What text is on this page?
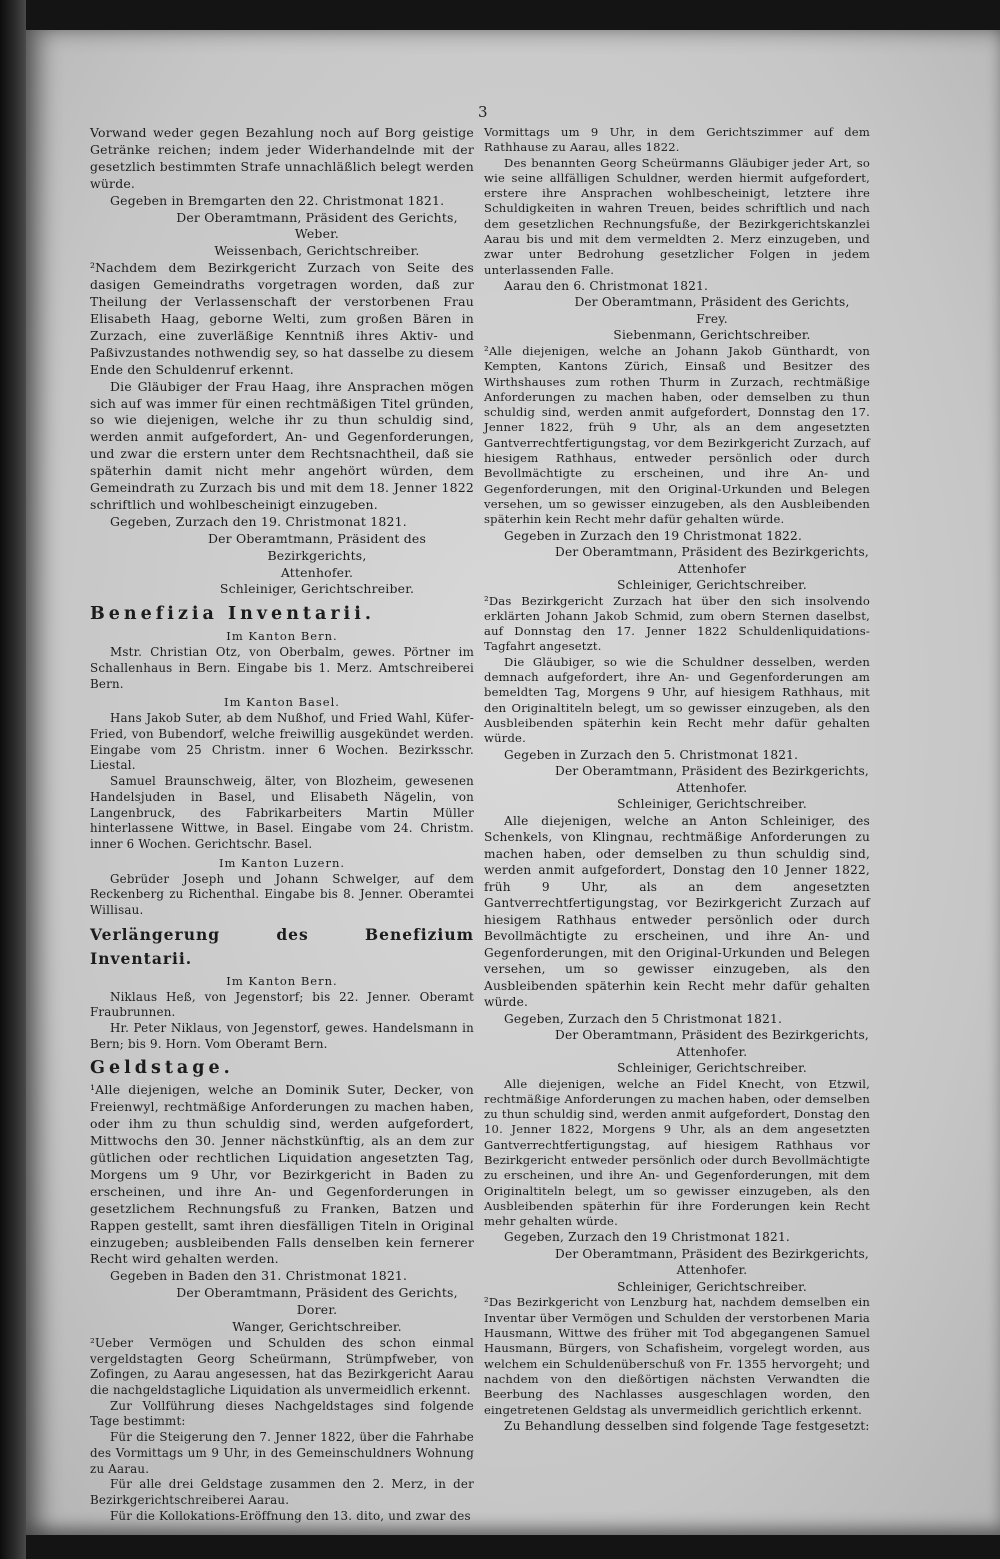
3

Vorwand weder gegen Bezahlung noch auf Borg geistige Getränke reichen; indem jeder Widerhandelnde mit der gesetzlich bestimmten Strafe unnachläßlich belegt werden würde.

Gegeben in Bremgarten den 22. Christmonat 1821.

Der Oberamtmann, Präsident des Gerichts,

Weber.

Weissenbach, Gerichtschreiber.

²Nachdem dem Bezirkgericht Zurzach von Seite des dasigen Gemeindraths vorgetragen worden, daß zur Theilung der Verlassenschaft der verstorbenen Frau Elisabeth Haag, geborne Welti, zum großen Bären in Zurzach, eine zuverläßige Kenntniß ihres Aktiv- und Paßivzustandes nothwendig sey, so hat dasselbe zu diesem Ende den Schuldenruf erkennt.

Die Gläubiger der Frau Haag, ihre Ansprachen mögen sich auf was immer für einen rechtmäßigen Titel gründen, so wie diejenigen, welche ihr zu thun schuldig sind, werden anmit aufgefordert, An- und Gegenforderungen, und zwar die erstern unter dem Rechtsnachtheil, daß sie späterhin damit nicht mehr angehört würden, dem Gemeindrath zu Zurzach bis und mit dem 18. Jenner 1822 schriftlich und wohlbescheinigt einzugeben.

Gegeben, Zurzach den 19. Christmonat 1821.

Der Oberamtmann, Präsident des Bezirkgerichts,

Attenhofer.

Schleiniger, Gerichtschreiber.

Benefizia Inventarii.

Im Kanton Bern.

Mstr. Christian Otz, von Oberbalm, gewes. Pörtner im Schallenhaus in Bern. Eingabe bis 1. Merz. Amtschreiberei Bern.

Im Kanton Basel.

Hans Jakob Suter, ab dem Nußhof, und Fried Wahl, Küfer-Fried, von Bubendorf, welche freiwillig ausgekündet werden. Eingabe vom 25 Christm. inner 6 Wochen. Bezirksschr. Liestal.

Samuel Braunschweig, älter, von Blozheim, gewesenen Handelsjuden in Basel, und Elisabeth Nägelin, von Langenbruck, des Fabrikarbeiters Martin Müller hinterlassene Wittwe, in Basel. Eingabe vom 24. Christm. inner 6 Wochen. Gerichtschr. Basel.

Im Kanton Luzern.

Gebrüder Joseph und Johann Schwelger, auf dem Reckenberg zu Richenthal. Eingabe bis 8. Jenner. Oberamtei Willisau.

Verlängerung des Benefizium Inventarii.

Im Kanton Bern.

Niklaus Heß, von Jegenstorf; bis 22. Jenner. Oberamt Fraubrunnen.

Hr. Peter Niklaus, von Jegenstorf, gewes. Handelsmann in Bern; bis 9. Horn. Vom Oberamt Bern.

Geldstage.

¹Alle diejenigen, welche an Dominik Suter, Decker, von Freienwyl, rechtmäßige Anforderungen zu machen haben, oder ihm zu thun schuldig sind, werden aufgefordert, Mittwochs den 30. Jenner nächstkünftig, als an dem zur gütlichen oder rechtlichen Liquidation angesetzten Tag, Morgens um 9 Uhr, vor Bezirkgericht in Baden zu erscheinen, und ihre An- und Gegenforderungen in gesetzlichem Rechnungsfuß zu Franken, Batzen und Rappen gestellt, samt ihren diesfälligen Titeln in Original einzugeben; ausbleibenden Falls denselben kein fernerer Recht wird gehalten werden.

Gegeben in Baden den 31. Christmonat 1821.

Der Oberamtmann, Präsident des Gerichts,

Dorer.

Wanger, Gerichtschreiber.

²Ueber Vermögen und Schulden des schon einmal vergeldstagten Georg Scheürmann, Strümpfweber, von Zofingen, zu Aarau angesessen, hat das Bezirkgericht Aarau die nachgeldstagliche Liquidation als unvermeidlich erkennt.

Zur Vollführung dieses Nachgeldstages sind folgende Tage bestimmt:

Für die Steigerung den 7. Jenner 1822, über die Fahrhabe des Vormittags um 9 Uhr, in des Gemeinschuldners Wohnung zu Aarau.

Für alle drei Geldstage zusammen den 2. Merz, in der Bezirkgerichtschreiberei Aarau.

Für die Kollokations-Eröffnung den 13. dito, und zwar des

Vormittags um 9 Uhr, in dem Gerichtszimmer auf dem Rathhause zu Aarau, alles 1822.

Des benannten Georg Scheürmanns Gläubiger jeder Art, so wie seine allfälligen Schuldner, werden hiermit aufgefordert, erstere ihre Ansprachen wohlbescheinigt, letztere ihre Schuldigkeiten in wahren Treuen, beides schriftlich und nach dem gesetzlichen Rechnungsfuße, der Bezirkgerichtskanzlei Aarau bis und mit dem vermeldten 2. Merz einzugeben, und zwar unter Bedrohung gesetzlicher Folgen in jedem unterlassenden Falle.

Aarau den 6. Christmonat 1821.

Der Oberamtmann, Präsident des Gerichts,

Frey.

Siebenmann, Gerichtschreiber.

²Alle diejenigen, welche an Johann Jakob Günthardt, von Kempten, Kantons Zürich, Einsaß und Besitzer des Wirthshauses zum rothen Thurm in Zurzach, rechtmäßige Anforderungen zu machen haben, oder demselben zu thun schuldig sind, werden anmit aufgefordert, Donnstag den 17. Jenner 1822, früh 9 Uhr, als an dem angesetzten Gantverrechtfertigungstag, vor dem Bezirkgericht Zurzach, auf hiesigem Rathhaus, entweder persönlich oder durch Bevollmächtigte zu erscheinen, und ihre An- und Gegenforderungen, mit den Original-Urkunden und Belegen versehen, um so gewisser einzugeben, als den Ausbleibenden späterhin kein Recht mehr dafür gehalten würde.

Gegeben in Zurzach den 19 Christmonat 1822.

Der Oberamtmann, Präsident des Bezirkgerichts,

Attenhofer

Schleiniger, Gerichtschreiber.

²Das Bezirkgericht Zurzach hat über den sich insolvendo erklärten Johann Jakob Schmid, zum obern Sternen daselbst, auf Donnstag den 17. Jenner 1822 Schuldenliquidations-Tagfahrt angesetzt.

Die Gläubiger, so wie die Schuldner desselben, werden demnach aufgefordert, ihre An- und Gegenforderungen am bemeldten Tag, Morgens 9 Uhr, auf hiesigem Rathhaus, mit den Originaltiteln belegt, um so gewisser einzugeben, als den Ausbleibenden späterhin kein Recht mehr dafür gehalten würde.

Gegeben in Zurzach den 5. Christmonat 1821.

Der Oberamtmann, Präsident des Bezirkgerichts,

Attenhofer.

Schleiniger, Gerichtschreiber.

Alle diejenigen, welche an Anton Schleiniger, des Schenkels, von Klingnau, rechtmäßige Anforderungen zu machen haben, oder demselben zu thun schuldig sind, werden anmit aufgefordert, Donstag den 10 Jenner 1822, früh 9 Uhr, als an dem angesetzten Gantverrechtfertigungstag, vor Bezirkgericht Zurzach auf hiesigem Rathhaus entweder persönlich oder durch Bevollmächtigte zu erscheinen, und ihre An- und Gegenforderungen, mit den Original-Urkunden und Belegen versehen, um so gewisser einzugeben, als den Ausbleibenden späterhin kein Recht mehr dafür gehalten würde.

Gegeben, Zurzach den 5 Christmonat 1821.

Der Oberamtmann, Präsident des Bezirkgerichts,

Attenhofer.

Schleiniger, Gerichtschreiber.

Alle diejenigen, welche an Fidel Knecht, von Etzwil, rechtmäßige Anforderungen zu machen haben, oder demselben zu thun schuldig sind, werden anmit aufgefordert, Donstag den 10. Jenner 1822, Morgens 9 Uhr, als an dem angesetzten Gantverrechtfertigungstag, auf hiesigem Rathhaus vor Bezirkgericht entweder persönlich oder durch Bevollmächtigte zu erscheinen, und ihre An- und Gegenforderungen, mit dem Originaltiteln belegt, um so gewisser einzugeben, als den Ausbleibenden späterhin für ihre Forderungen kein Recht mehr gehalten würde.

Gegeben, Zurzach den 19 Christmonat 1821.

Der Oberamtmann, Präsident des Bezirkgerichts,

Attenhofer.

Schleiniger, Gerichtschreiber.

²Das Bezirkgericht von Lenzburg hat, nachdem demselben ein Inventar über Vermögen und Schulden der verstorbenen Maria Hausmann, Wittwe des früher mit Tod abgegangenen Samuel Hausmann, Bürgers, von Schafisheim, vorgelegt worden, aus welchem ein Schuldenüberschuß von Fr. 1355 hervorgeht; und nachdem von den dießörtigen nächsten Verwandten die Beerbung des Nachlasses ausgeschlagen worden, den eingetretenen Geldstag als unvermeidlich gerichtlich erkennt.

Zu Behandlung desselben sind folgende Tage festgesetzt:
